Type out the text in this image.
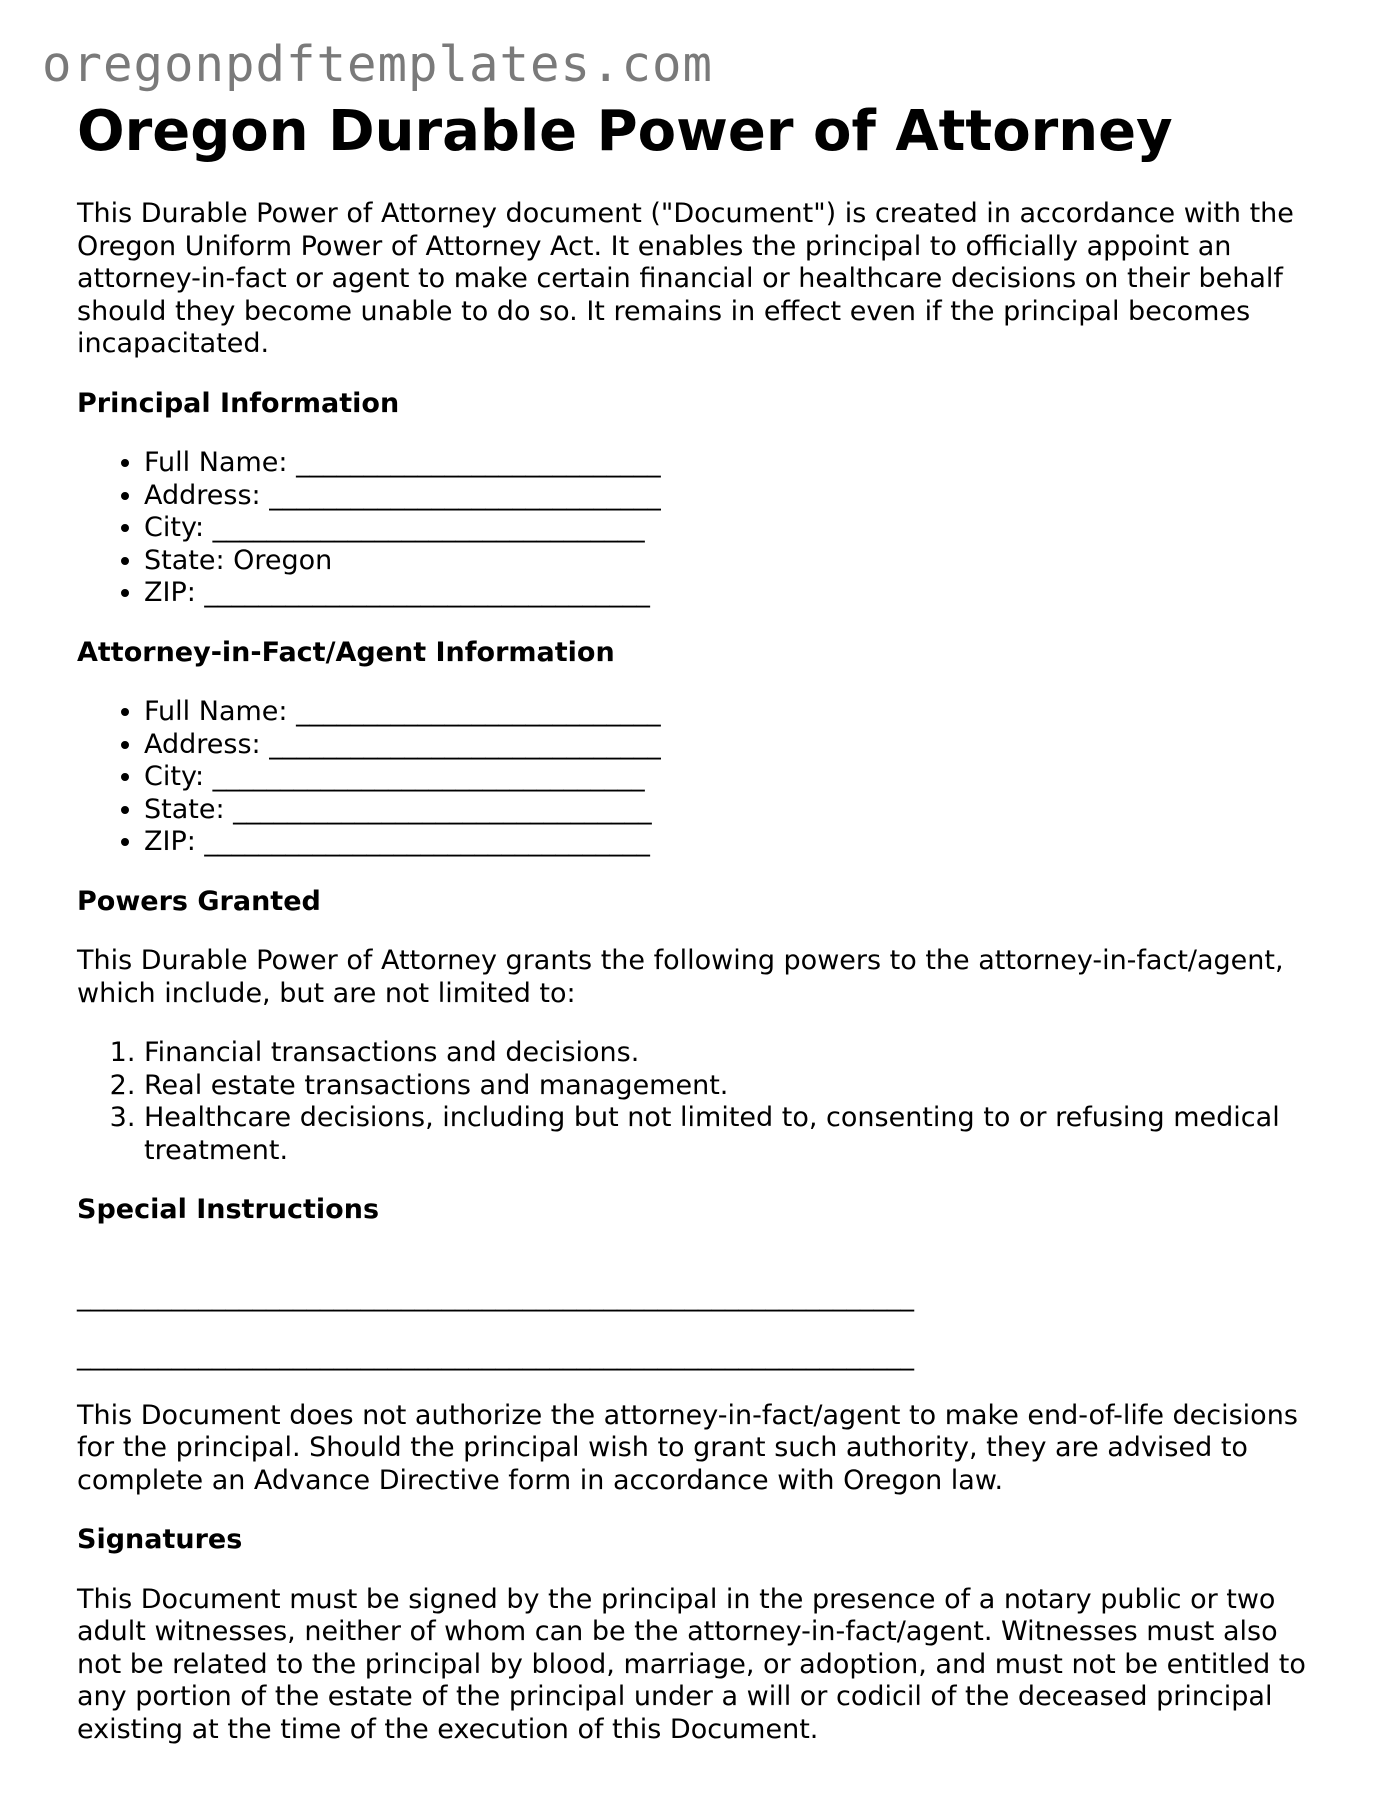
oregonpdftemplates.com
Oregon Durable Power of Attorney

This Durable Power of Attorney document ("Document") is created in accordance with the Oregon Uniform Power of Attorney Act. It enables the principal to officially appoint an attorney-in-fact or agent to make certain financial or healthcare decisions on their behalf should they become unable to do so. It remains in effect even if the principal becomes incapacitated.

Principal Information
• Full Name: ___________________________
• Address: _____________________________
• City: ________________________________
• State: Oregon
• ZIP: _________________________________
Attorney-in-Fact/Agent Information
• Full Name: ___________________________
• Address: _____________________________
• City: ________________________________
• State: _______________________________
• ZIP: _________________________________
Powers Granted

This Durable Power of Attorney grants the following powers to the attorney-in-fact/agent, which include, but are not limited to:

1. Financial transactions and decisions.
2. Real estate transactions and management.
3. Healthcare decisions, including but not limited to, consenting to or refusing medical treatment.
Special Instructions

______________________________________________________________

______________________________________________________________

This Document does not authorize the attorney-in-fact/agent to make end-of-life decisions for the principal. Should the principal wish to grant such authority, they are advised to complete an Advance Directive form in accordance with Oregon law.

Signatures

This Document must be signed by the principal in the presence of a notary public or two adult witnesses, neither of whom can be the attorney-in-fact/agent. Witnesses must also not be related to the principal by blood, marriage, or adoption, and must not be entitled to any portion of the estate of the principal under a will or codicil of the deceased principal existing at the time of the execution of this Document.
